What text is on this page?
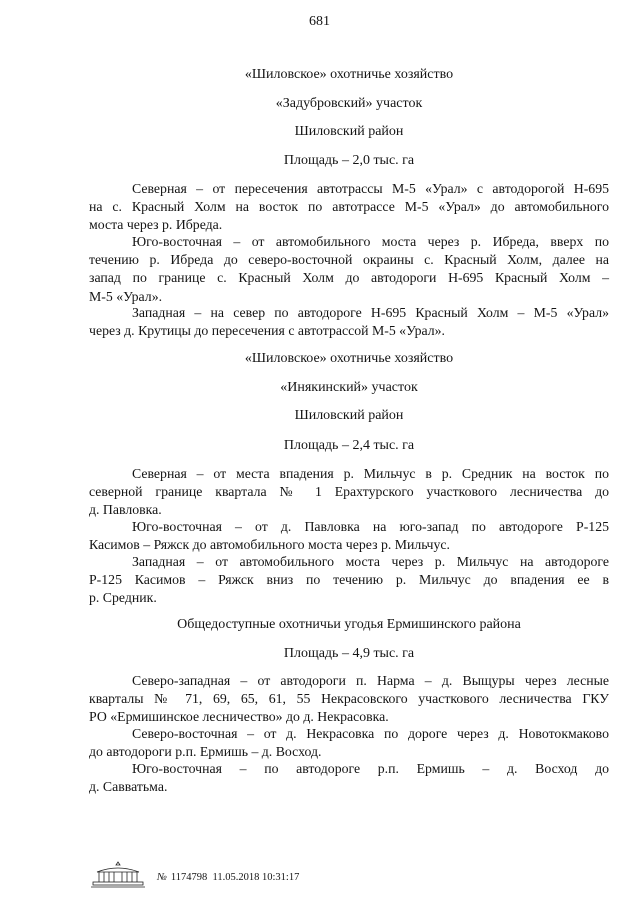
681
«Шиловское» охотничье хозяйство
«Задубровский» участок
Шиловский район
Площадь – 2,0 тыс. га
Северная – от пересечения автотрассы М-5 «Урал» с автодорогой Н-695
на с. Красный Холм на восток по автотрассе М-5 «Урал» до автомобильного
моста через р. Ибреда.
Юго-восточная – от автомобильного моста через р. Ибреда, вверх по
течению р. Ибреда до северо-восточной окраины с. Красный Холм, далее на
запад по границе с. Красный Холм до автодороги Н-695 Красный Холм –
М-5 «Урал».
Западная – на север по автодороге Н-695 Красный Холм – М-5 «Урал»
через д. Крутицы до пересечения с автотрассой М-5 «Урал».
«Шиловское» охотничье хозяйство
«Инякинский» участок
Шиловский район
Площадь – 2,4 тыс. га
Северная – от места впадения р. Мильчус в р. Средник на восток по
северной границе квартала № 1 Ерахтурского участкового лесничества до
д. Павловка.
Юго-восточная – от д. Павловка на юго-запад по автодороге Р-125
Касимов – Ряжск до автомобильного моста через р. Мильчус.
Западная – от автомобильного моста через р. Мильчус на автодороге
Р-125 Касимов – Ряжск вниз по течению р. Мильчус до впадения ее в
р. Средник.
Общедоступные охотничьи угодья Ермишинского района
Площадь – 4,9 тыс. га
Северо-западная – от автодороги п. Нарма – д. Выщуры через лесные
кварталы № 71, 69, 65, 61, 55 Некрасовского участкового лесничества ГКУ
РО «Ермишинское лесничество» до д. Некрасовка.
Северо-восточная – от д. Некрасовка по дороге через д. Новотокмаково
до автодороги р.п. Ермишь – д. Восход.
Юго-восточная – по автодороге р.п. Ермишь – д. Восход до
д. Савватьма.
№ 1174798 11.05.2018 10:31:17
